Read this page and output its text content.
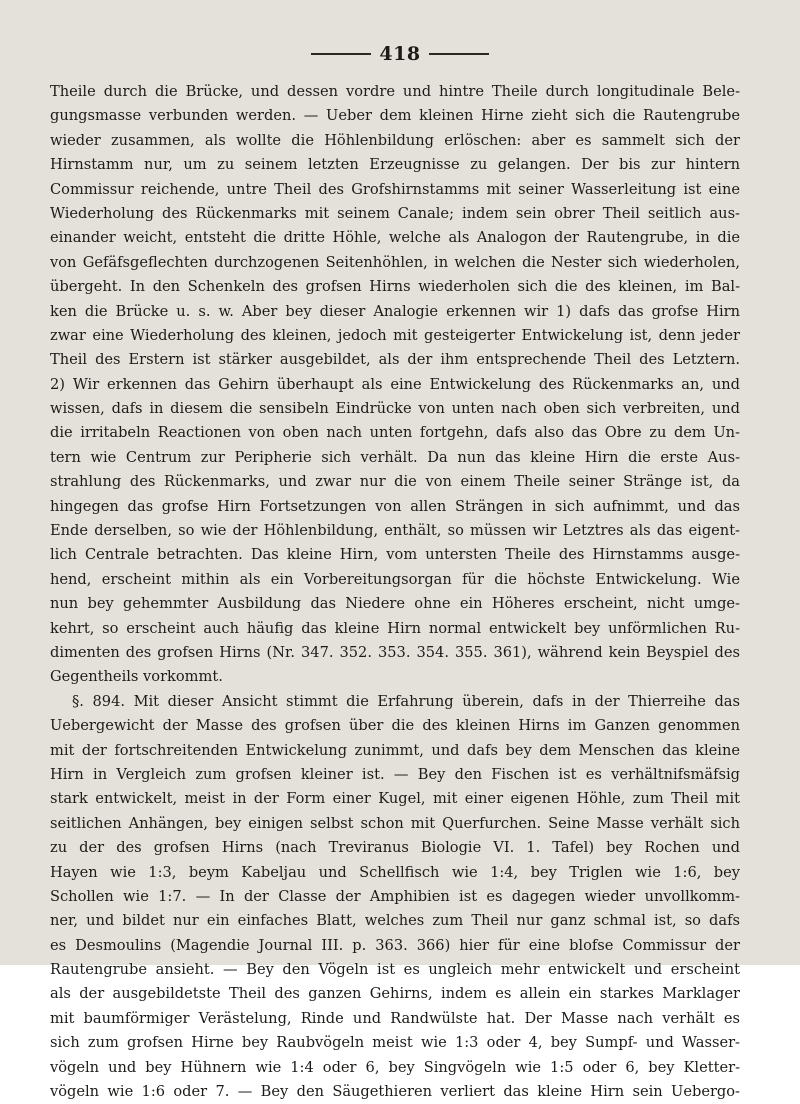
418
Theile durch die Brücke, und dessen vordre und hintre Theile durch longitudinale Bele-
gungsmasse verbunden werden. — Ueber dem kleinen Hirne zieht sich die Rautengrube
wieder zusammen, als wollte die Höhlenbildung erlöschen: aber es sammelt sich der
Hirnstamm nur, um zu seinem letzten Erzeugnisse zu gelangen. Der bis zur hintern
Commissur reichende, untre Theil des Grofshirnstamms mit seiner Wasserleitung ist eine
Wiederholung des Rückenmarks mit seinem Canale; indem sein obrer Theil seitlich aus-
einander weicht, entsteht die dritte Höhle, welche als Analogon der Rautengrube, in die
von Gefäfsgeflechten durchzogenen Seitenhöhlen, in welchen die Nester sich wiederholen,
übergeht. In den Schenkeln des grofsen Hirns wiederholen sich die des kleinen, im Bal-
ken die Brücke u. s. w. Aber bey dieser Analogie erkennen wir 1) dafs das grofse Hirn
zwar eine Wiederholung des kleinen, jedoch mit gesteigerter Entwickelung ist, denn jeder
Theil des Erstern ist stärker ausgebildet, als der ihm entsprechende Theil des Letztern.
2) Wir erkennen das Gehirn überhaupt als eine Entwickelung des Rückenmarks an, und
wissen, dafs in diesem die sensibeln Eindrücke von unten nach oben sich verbreiten, und
die irritabeln Reactionen von oben nach unten fortgehn, dafs also das Obre zu dem Un-
tern wie Centrum zur Peripherie sich verhält. Da nun das kleine Hirn die erste Aus-
strahlung des Rückenmarks, und zwar nur die von einem Theile seiner Stränge ist, da
hingegen das grofse Hirn Fortsetzungen von allen Strängen in sich aufnimmt, und das
Ende derselben, so wie der Höhlenbildung, enthält, so müssen wir Letztres als das eigent-
lich Centrale betrachten. Das kleine Hirn, vom untersten Theile des Hirnstamms ausge-
hend, erscheint mithin als ein Vorbereitungsorgan für die höchste Entwickelung. Wie
nun bey gehemmter Ausbildung das Niedere ohne ein Höheres erscheint, nicht umge-
kehrt, so erscheint auch häufig das kleine Hirn normal entwickelt bey unförmlichen Ru-
dimenten des grofsen Hirns (Nr. 347. 352. 353. 354. 355. 361), während kein Beyspiel des
Gegentheils vorkommt.
§. 894. Mit dieser Ansicht stimmt die Erfahrung überein, dafs in der Thierreihe das
Uebergewicht der Masse des grofsen über die des kleinen Hirns im Ganzen genommen
mit der fortschreitenden Entwickelung zunimmt, und dafs bey dem Menschen das kleine
Hirn in Vergleich zum grofsen kleiner ist. — Bey den Fischen ist es verhältnifsmäfsig
stark entwickelt, meist in der Form einer Kugel, mit einer eigenen Höhle, zum Theil mit
seitlichen Anhängen, bey einigen selbst schon mit Querfurchen. Seine Masse verhält sich
zu der des grofsen Hirns (nach Treviranus Biologie VI. 1. Tafel) bey Rochen und
Hayen wie 1:3, beym Kabeljau und Schellfisch wie 1:4, bey Triglen wie 1:6, bey
Schollen wie 1:7. — In der Classe der Amphibien ist es dagegen wieder unvollkomm-
ner, und bildet nur ein einfaches Blatt, welches zum Theil nur ganz schmal ist, so dafs
es Desmoulins (Magendie Journal III. p. 363. 366) hier für eine blofse Commissur der
Rautengrube ansieht. — Bey den Vögeln ist es ungleich mehr entwickelt und erscheint
als der ausgebildetste Theil des ganzen Gehirns, indem es allein ein starkes Marklager
mit baumförmiger Verästelung, Rinde und Randwülste hat. Der Masse nach verhält es
sich zum grofsen Hirne bey Raubvögeln meist wie 1:3 oder 4, bey Sumpf- und Wasser-
vögeln und bey Hühnern wie 1:4 oder 6, bey Singvögeln wie 1:5 oder 6, bey Kletter-
vögeln wie 1:6 oder 7. — Bey den Säugethieren verliert das kleine Hirn sein Uebergo-
